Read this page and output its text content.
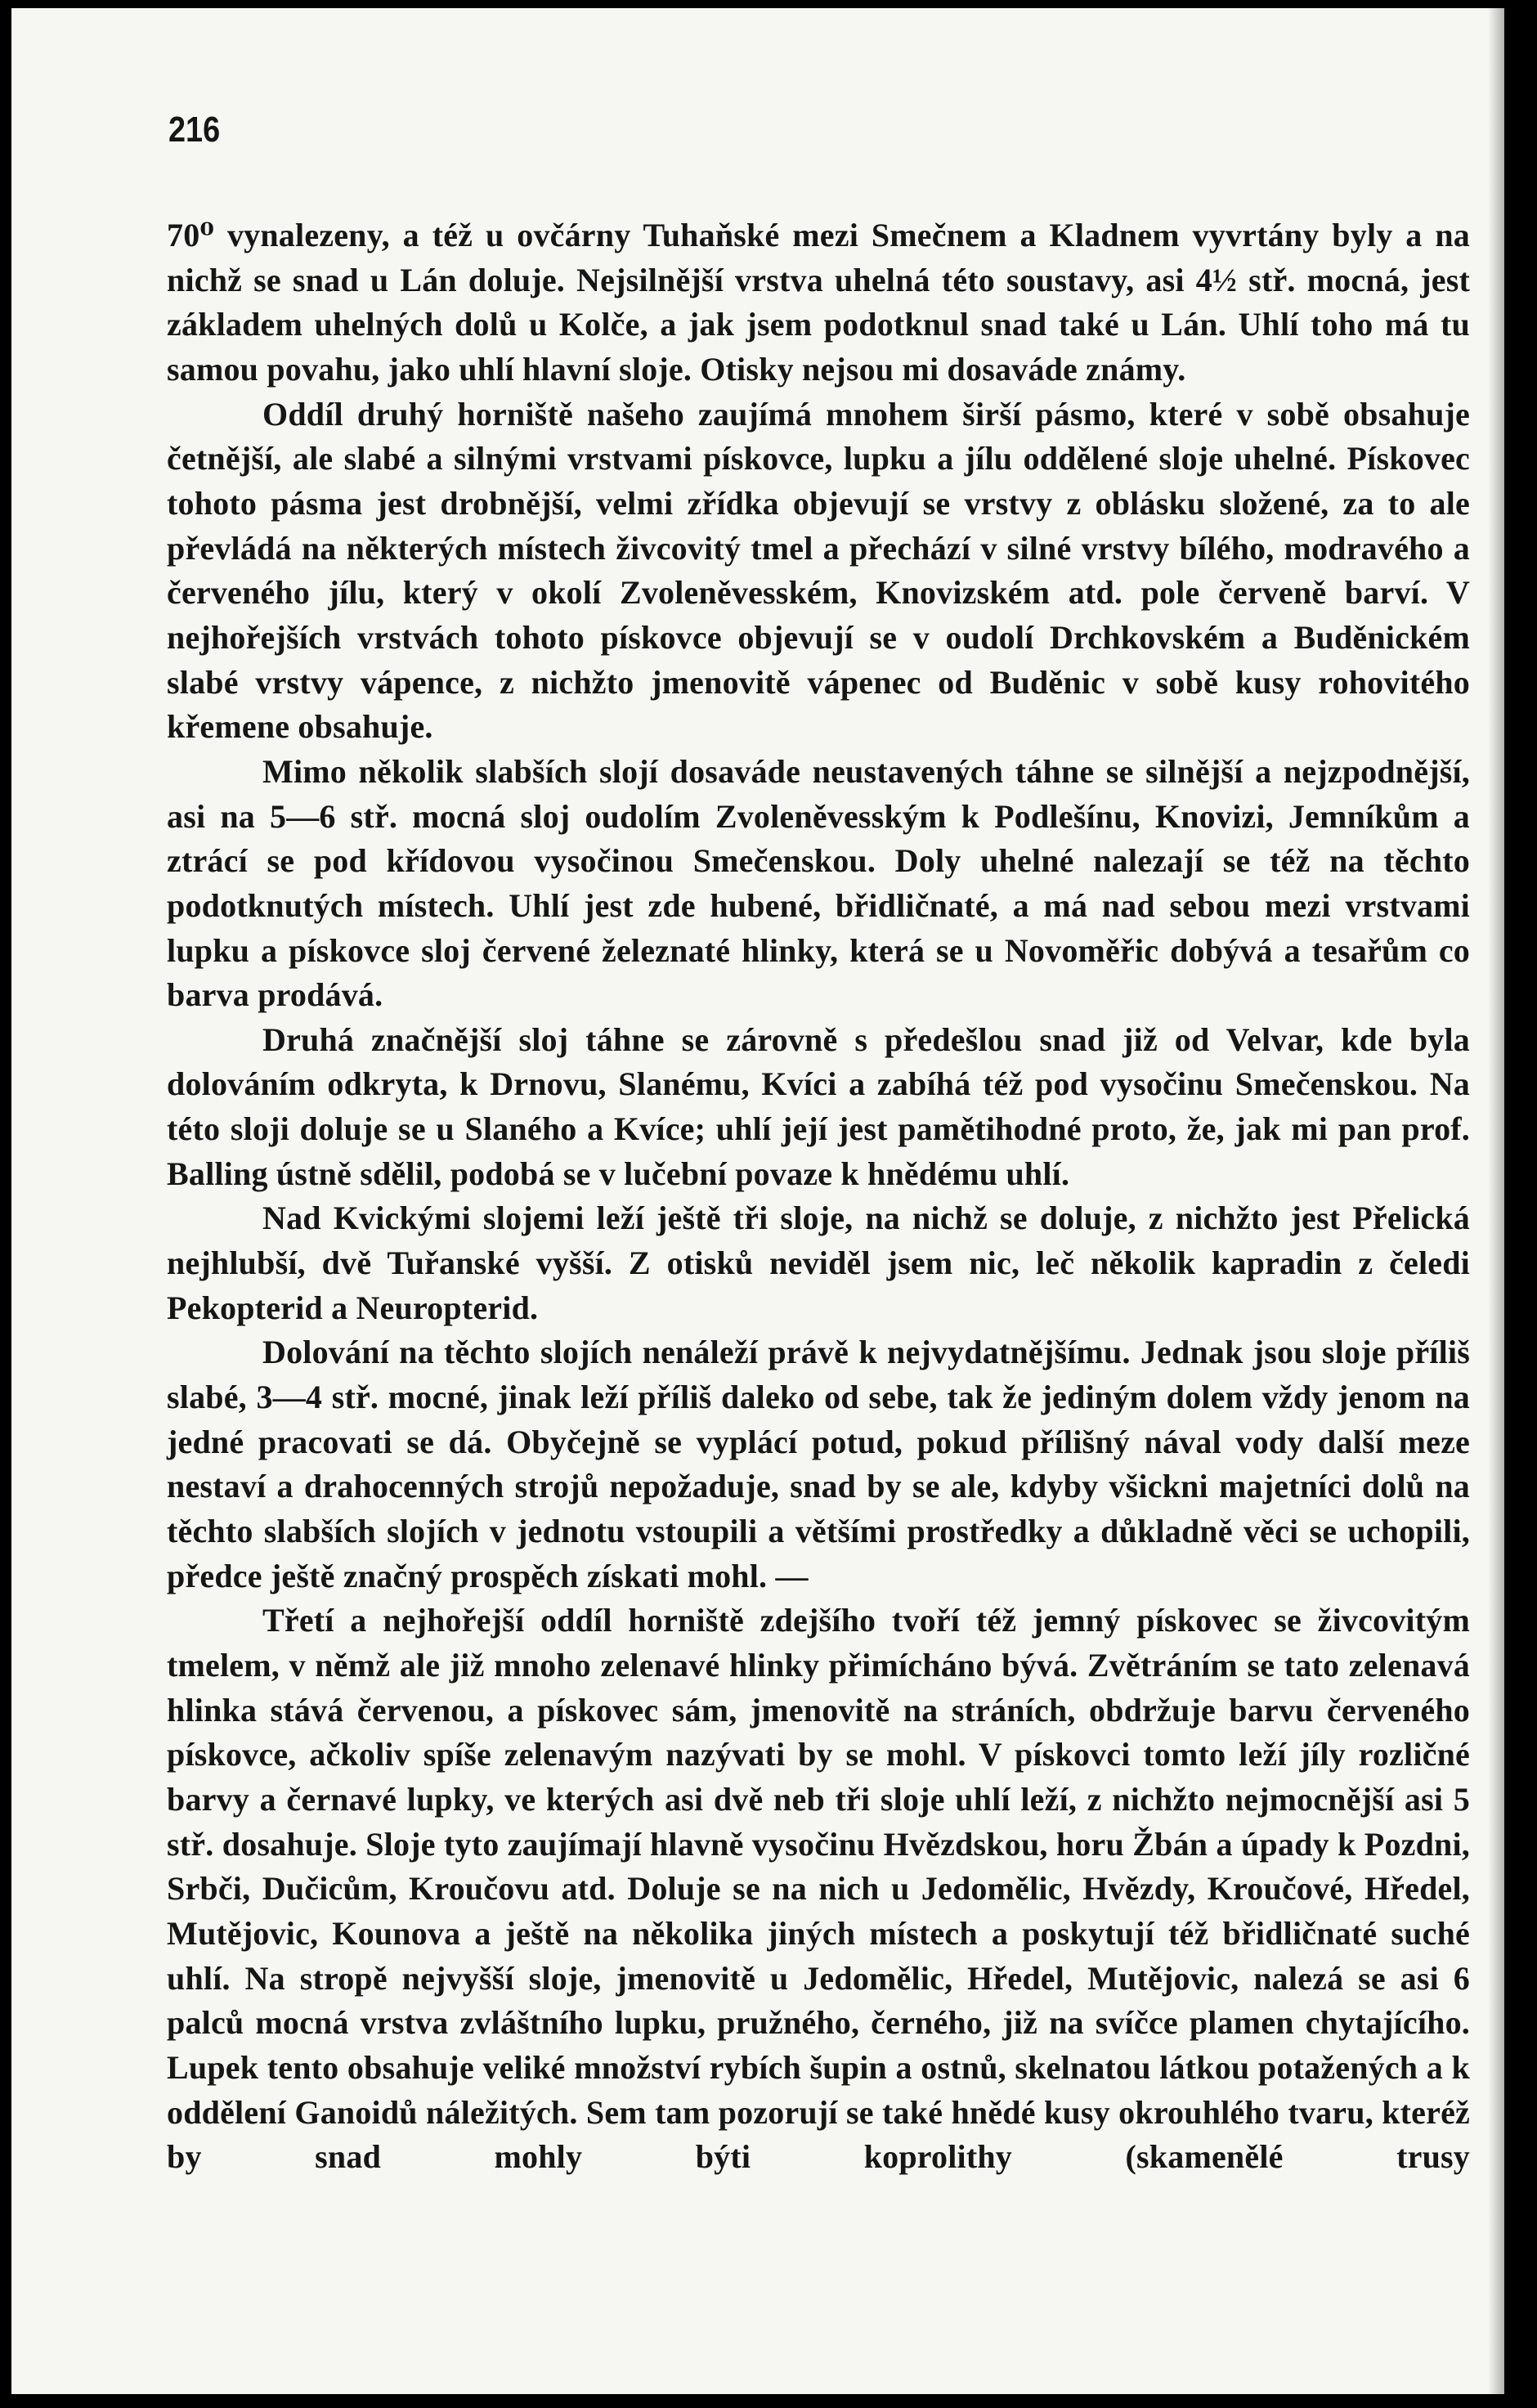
216

70⁰ vynalezeny, a též u ovčárny Tuhaňské mezi Smečnem a Kladnem vyvrtány byly a na nichž se snad u Lán doluje. Nejsilnější vrstva uhelná této soustavy, asi 4½ stř. mocná, jest základem uhelných dolů u Kolče, a jak jsem podotknul snad také u Lán. Uhlí toho má tu samou povahu, jako uhlí hlavní sloje. Otisky nejsou mi dosaváde známy.

Oddíl druhý horniště našeho zaujímá mnohem širší pásmo, které v sobě obsahuje četnější, ale slabé a silnými vrstvami pískovce, lupku a jílu oddělené sloje uhelné. Pískovec tohoto pásma jest drobnější, velmi zřídka objevují se vrstvy z oblásku složené, za to ale převládá na některých místech živcovitý tmel a přechází v silné vrstvy bílého, modravého a červeného jílu, který v okolí Zvoleněvesském, Knovizském atd. pole červeně barví. V nejhořejších vrstvách tohoto pískovce objevují se v oudolí Drchkovském a Buděnickém slabé vrstvy vápence, z nichžto jmenovitě vápenec od Buděnic v sobě kusy rohovitého křemene obsahuje.

Mimo několik slabších slojí dosaváde neustavených táhne se silnější a nejzpodnější, asi na 5—6 stř. mocná sloj oudolím Zvoleněvesským k Podlešínu, Knovizi, Jemníkům a ztrácí se pod křídovou vysočinou Smečenskou. Doly uhelné nalezají se též na těchto podotknutých místech. Uhlí jest zde hubené, břidličnaté, a má nad sebou mezi vrstvami lupku a pískovce sloj červené železnaté hlinky, která se u Novoměřic dobývá a tesařům co barva prodává.

Druhá značnější sloj táhne se zárovně s předešlou snad již od Velvar, kde byla dolováním odkryta, k Drnovu, Slanému, Kvíci a zabíhá též pod vysočinu Smečenskou. Na této sloji doluje se u Slaného a Kvíce; uhlí její jest pamětihodné proto, že, jak mi pan prof. Balling ústně sdělil, podobá se v lučební povaze k hnědému uhlí.

Nad Kvickými slojemi leží ještě tři sloje, na nichž se doluje, z nichžto jest Přelická nejhlubší, dvě Tuřanské vyšší. Z otisků neviděl jsem nic, leč několik kapradin z čeledi Pekopterid a Neuropterid.

Dolování na těchto slojích nenáleží právě k nejvydatnějšímu. Jednak jsou sloje příliš slabé, 3—4 stř. mocné, jinak leží příliš daleko od sebe, tak že jediným dolem vždy jenom na jedné pracovati se dá. Obyčejně se vyplácí potud, pokud přílišný nával vody další meze nestaví a drahocenných strojů nepožaduje, snad by se ale, kdyby všickni majetníci dolů na těchto slabších slojích v jednotu vstoupili a většími prostředky a důkladně věci se uchopili, předce ještě značný prospěch získati mohl. —

Třetí a nejhořejší oddíl horniště zdejšího tvoří též jemný pískovec se živcovitým tmelem, v němž ale již mnoho zelenavé hlinky přimícháno bývá. Zvětráním se tato zelenavá hlinka stává červenou, a pískovec sám, jmenovitě na stráních, obdržuje barvu červeného pískovce, ačkoliv spíše zelenavým nazývati by se mohl. V pískovci tomto leží jíly rozličné barvy a černavé lupky, ve kterých asi dvě neb tři sloje uhlí leží, z nichžto nejmocnější asi 5 stř. dosahuje. Sloje tyto zaujímají hlavně vysočinu Hvězdskou, horu Žbán a úpady k Pozdni, Srbči, Dučicům, Kroučovu atd. Doluje se na nich u Jedomělic, Hvězdy, Kroučové, Hředel, Mutějovic, Kounova a ještě na několika jiných místech a poskytují též břidličnaté suché uhlí. Na stropě nejvyšší sloje, jmenovitě u Jedomělic, Hředel, Mutějovic, nalezá se asi 6 palců mocná vrstva zvláštního lupku, pružného, černého, již na svíčce plamen chytajícího. Lupek tento obsahuje veliké množství rybích šupin a ostnů, skelnatou látkou potažených a k oddělení Ganoidů náležitých. Sem tam pozorují se také hnědé kusy okrouhlého tvaru, kteréž by snad mohly býti koprolithy (skamenělé trusy
